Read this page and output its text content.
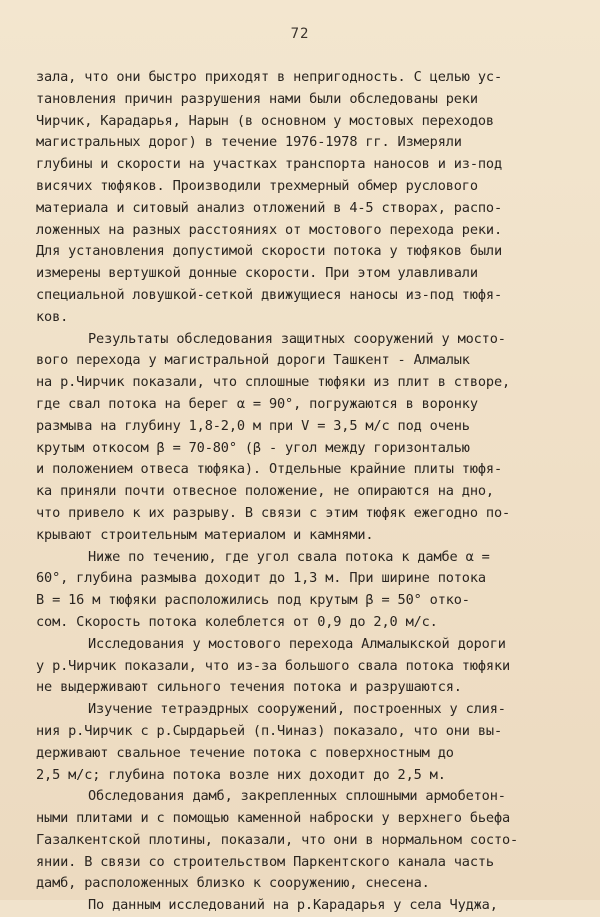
72
зала, что они быстро приходят в непригодность. С целью ус-
тановления причин разрушения нами были обследованы реки
Чирчик, Карадарья, Нарын (в основном у мостовых переходов
магистральных дорог) в течение 1976-1978 гг. Измеряли
глубины и скорости на участках транспорта наносов и из-под
висячих тюфяков. Производили трехмерный обмер руслового
материала и ситовый анализ отложений в 4-5 створах, распо-
ложенных на разных расстояниях от мостового перехода реки.
Для установления допустимой скорости потока у тюфяков были
измерены вертушкой донные скорости. При этом улавливали
специальной ловушкой-сеткой движущиеся наносы из-под тюфя-
ков.
Результаты обследования защитных сооружений у мосто-
вого перехода у магистральной дороги Ташкент - Алмалык
на р.Чирчик показали, что сплошные тюфяки из плит в створе,
где свал потока на берег α = 90°, погружаются в воронку
размыва на глубину 1,8-2,0 м при V = 3,5 м/с под очень
крутым откосом β = 70-80° (β - угол между горизонталью
и положением отвеса тюфяка). Отдельные крайние плиты тюфя-
ка приняли почти отвесное положение, не опираются на дно,
что привело к их разрыву. В связи с этим тюфяк ежегодно по-
крывают строительным материалом и камнями.
Ниже по течению, где угол свала потока к дамбе α =
60°, глубина размыва доходит до 1,3 м. При ширине потока
B = 16 м тюфяки расположились под крутым β = 50° отко-
сом. Скорость потока колеблется от 0,9 до 2,0 м/с.
Исследования у мостового перехода Алмалыкской дороги
у р.Чирчик показали, что из-за большого свала потока тюфяки
не выдерживают сильного течения потока и разрушаются.
Изучение тетраэдрных сооружений, построенных у слия-
ния р.Чирчик с р.Сырдарьей (п.Чиназ) показало, что они вы-
держивают свальное течение потока с поверхностным до
2,5 м/с; глубина потока возле них доходит до 2,5 м.
Обследования дамб, закрепленных сплошными армобетон-
ными плитами и с помощью каменной наброски у верхнего бьефа
Газалкентской плотины, показали, что они в нормальном состо-
янии. В связи со строительством Паркентского канала часть
дамб, расположенных близко к сооружению, снесена.
По данным исследований на р.Карадарья у села Чуджа,
